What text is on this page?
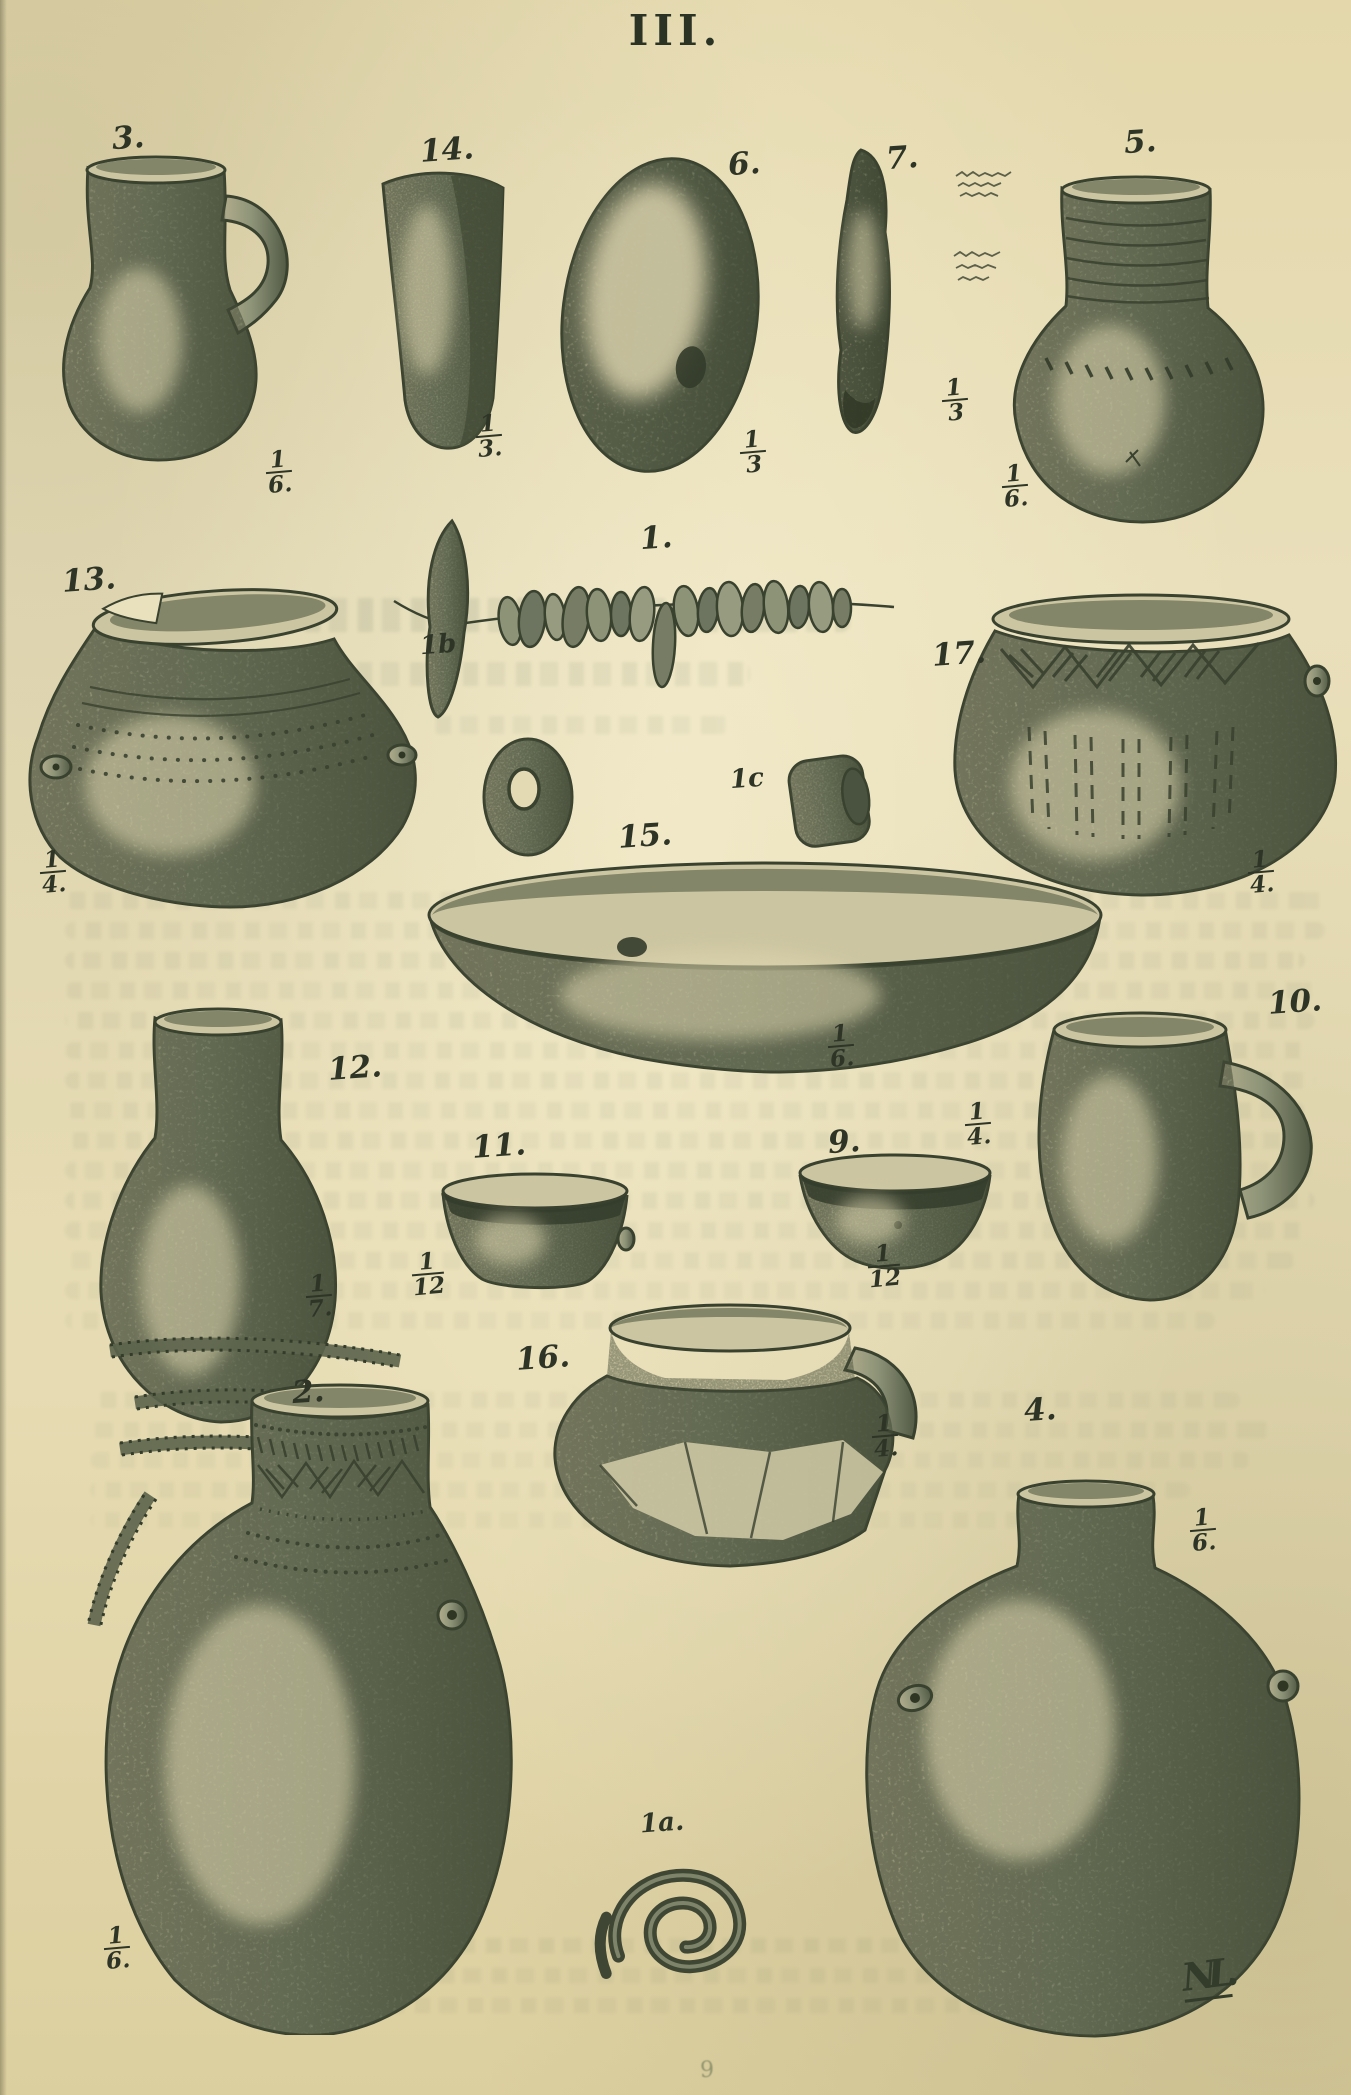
III.
3.	14.	6.	7.	5.
13.
1.
1b
1c
17.
15.
12.
11.	9.
10.
16.
2.	4.
1a.
$\frac{1}{6.}$
$\frac{1}{3.}$	$\frac{1}{3}$
$\frac{1}{3}$
$\frac{1}{6.}$
$\frac{1}{4.}$	$\frac{1}{4.}$
$\frac{1}{6.}$
$\frac{1}{7.}$	$\frac{1}{12}$	$\frac{1}{12}$
$\frac{1}{4.}$
$\frac{1}{4.}$
$\frac{1}{6.}$
$\frac{1}{6.}$
NL.
9
